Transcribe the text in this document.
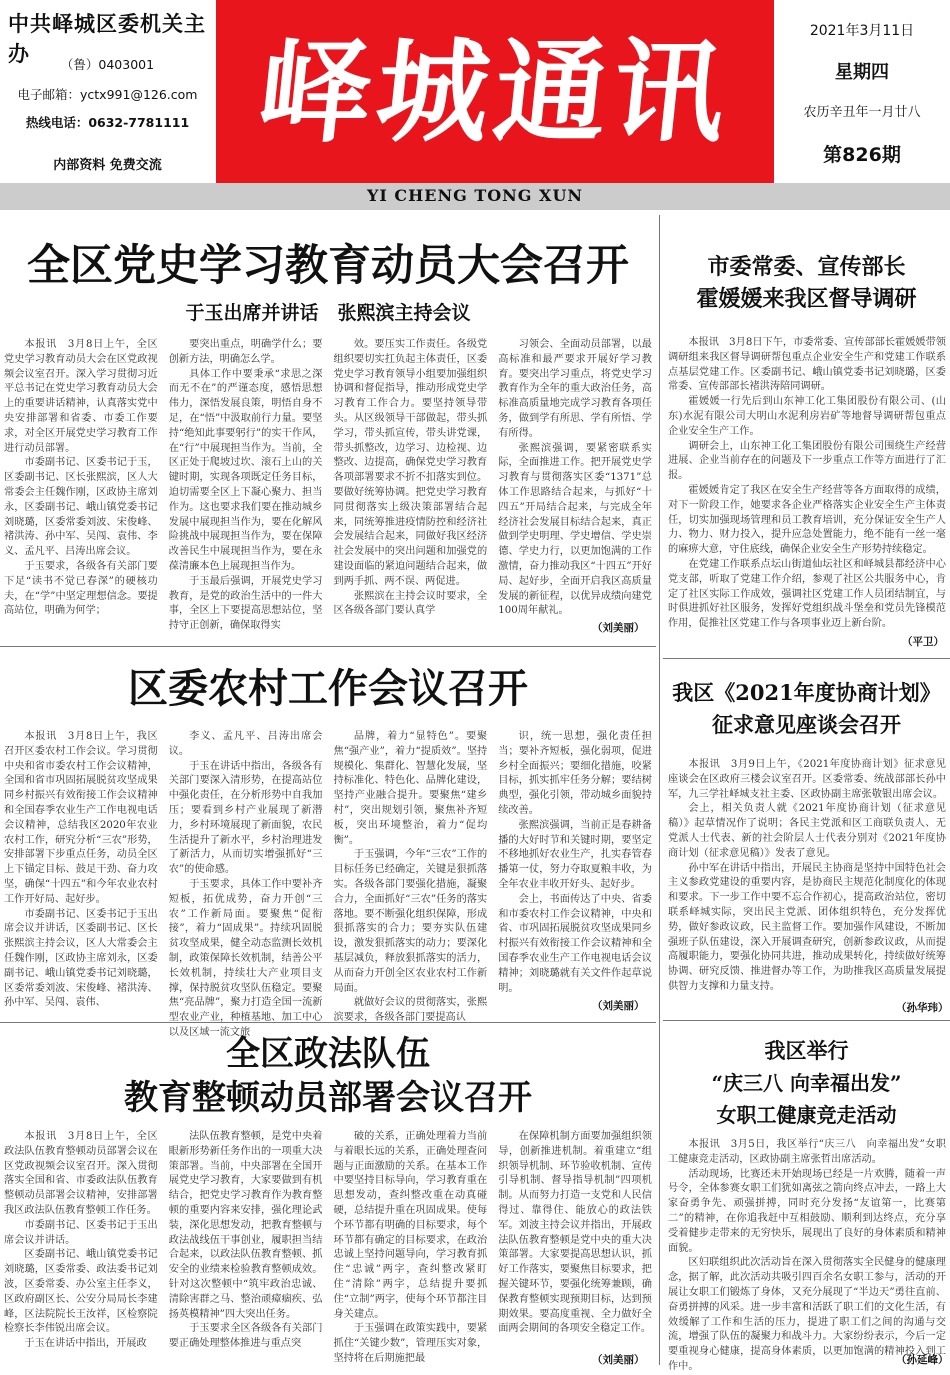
中共峄城区委机关主办	（鲁）0403001
电子邮箱：yctx991@126.com
热线电话：0632-7781111
内部资料 免费交流
峄城通讯	2021年3月11日
星期四
农历辛丑年一月廿八
第826期
YI CHENG TONG XUN
全区党史学习教育动员大会召开
于玉出席并讲话　张熙滨主持会议

本报讯　3月8日上午，全区党史学习教育动员大会在区党政视频会议室召开。深入学习贯彻习近平总书记在党史学习教育动员大会上的重要讲话精神，认真落实党中央安排部署和省委、市委工作要求，对全区开展党史学习教育工作进行动员部署。

市委副书记、区委书记于玉，区委副书记、区长张熙滨，区人大常委会主任魏作刚，区政协主席刘永，区委副书记、峨山镇党委书记刘晓璐，区委常委刘波、宋俊峰、褚洪涛、孙中军、吴闯、袁伟、李义、孟凡平、吕涛出席会议。

于玉要求，各级各有关部门要下足“读书不觉已春深”的硬核功夫，在“学”中坚定理想信念。要提高站位，明确为何学；

要突出重点，明确学什么；要创新方法，明确怎么学。

具体工作中要秉承“求思之深而无不在”的严谨态度，感悟思想伟力，深悟发展良策，明悟自身不足，在“悟”中汲取前行力量。要坚持“绝知此事要躬行”的实干作风，在“行”中展现担当作为。当前，全区正处于爬坡过坎、滚石上山的关键时期，实现各项既定任务目标，迫切需要全区上下凝心聚力、担当作为。这也要求我们要在推动城乡发展中展现担当作为，要在化解风险挑战中展现担当作为，要在保障改善民生中展现担当作为，要在永葆清廉本色上展现担当作为。

于玉最后强调，开展党史学习教育，是党的政治生活中的一件大事，全区上下要提高思想站位，坚持守正创新，确保取得实

效。要压实工作责任。各级党组织要切实扛负起主体责任，区委党史学习教育领导小组要加强组织协调和督促指导，推动形成党史学习教育工作合力。要坚持领导带头。从区级领导干部做起，带头抓学习，带头抓宣传，带头讲党课，带头抓整改，边学习、边检视、边整改、边提高，确保党史学习教育各项部署要求不折不扣落实到位。要做好统筹协调。把党史学习教育同贯彻落实上级决策部署结合起来，同统筹推进疫情防控和经济社会发展结合起来，同做好我区经济社会发展中的突出问题和加强党的建设面临的紧迫问题结合起来，做到两手抓、两不误、两促进。

张熙滨在主持会议时要求，全区各级各部门要认真学

习领会、全面动员部署，以最高标准和最严要求开展好学习教育。要突出学习重点，将党史学习教育作为全年的重大政治任务，高标准高质量地完成学习教育各项任务，做到学有所思、学有所悟、学有所得。

张熙滨强调，要紧密联系实际，全面推进工作。把开展党史学习教育与贯彻落实区委“1371”总体工作思路结合起来，与抓好“十四五”开局结合起来，与完成全年经济社会发展目标结合起来，真正做到学史明理、学史增信、学史崇德、学史力行，以更加饱满的工作激情，奋力推动我区“十四五”开好局、起好步，全面开启我区高质量发展的新征程，以优异成绩向建党100周年献礼。

（刘美丽）
区委农村工作会议召开

本报讯　3月8日上午，我区召开区委农村工作会议。学习贯彻中央和省市委农村工作会议精神，全国和省市巩固拓展脱贫攻坚成果同乡村振兴有效衔接工作会议精神和全国春季农业生产工作电视电话会议精神，总结我区2020年农业农村工作，研究分析“三农”形势，安排部署下步重点任务，动员全区上下锚定目标、鼓足干劲、奋力攻坚，确保“十四五”和今年农业农村工作开好局、起好步。

市委副书记、区委书记于玉出席会议并讲话，区委副书记、区长张熙滨主持会议，区人大常委会主任魏作刚，区政协主席刘永，区委副书记、峨山镇党委书记刘晓璐，区委常委刘波、宋俊峰、褚洪涛、孙中军、吴闯、袁伟、

李义、孟凡平、吕涛出席会议。

于玉在讲话中指出，各级各有关部门要深入清形势，在提高站位中强化责任，在分析形势中自我加压；要看到乡村产业展现了新潜力，乡村环境展现了新面貌，农民生活提升了新水平，乡村治理进发了新活力，从而切实增强抓好“三农”的使命感。

于玉要求，具体工作中要补齐短板，拓优成势，奋力开创“三农”工作新局面。要聚焦“促衔接”，着力“固成果”。持续巩固脱贫攻坚成果，健全动态监测长效机制，政策保障长效机制，结善公平长效机制，持续壮大产业项目支撑，保持脱贫攻坚队伍稳定。要聚焦“亮品牌”，聚力打造全国一流新型农业产业，种植基地、加工中心以及区域一流文旅

品牌，着力“显特色”。要聚焦“强产业”，着力“提质效”。坚持规模化、集群化、智慧化发展，坚持标准化、特色化、品牌化建设，坚持产业融合提升。要聚焦“建乡村”，突出规划引领，聚焦补齐短板，突出环境整治，着力“促均衡”。

于玉强调，今年“三农”工作的目标任务已经确定，关键是狠抓落实。各级各部门要强化措施，凝聚合力，全面抓好“三农”任务的落实落地。要不断强化组织保障，形成狠抓落实的合力；要夯实队伍建设，激发狠抓落实的动力；要深化基层减负，释放狠抓落实的活力，从而奋力开创全区农业农村工作新局面。

就做好会议的贯彻落实，张熙滨要求，各级各部门要提高认

识，统一思想，强化责任担当；要补齐短板，强化弱项，促进乡村全面振兴；要细化措施，咬紧目标，抓实抓牢任务分解；要结树典型，强化引领，带动城乡面貌持续改善。

张熙滨强调，当前正是春耕备播的大好时节和关键时期，要坚定不移地抓好农业生产，扎实春管春播第一仗，努力夺取夏粮丰收，为全年农业丰收开好头、起好步。

会上，书面传达了中央、省委和市委农村工作会议精神，中央和省、市巩固拓展脱贫攻坚成果同乡村振兴有效衔接工作会议精神和全国春季农业生产工作电视电话会议精神；刘晓璐就有关文件作起草说明。

（刘美丽）
全区政法队伍
教育整顿动员部署会议召开

本报讯　3月8日上午，全区政法队伍教育整顿动员部署会议在区党政视频会议室召开。深入贯彻落实全国和省、市委政法队伍教育整顿动员部署会议精神，安排部署我区政法队伍教育整顿工作任务。

市委副书记、区委书记于玉出席会议并讲话。

区委副书记、峨山镇党委书记刘晓璐，区委常委、政法委书记刘波，区委常委、办公室主任李义，区政府副区长、公安分局局长李建峰，区法院院长王汝祥，区检察院检察长李伟锐出席会议。

于玉在讲话中指出，开展政

法队伍教育整顿，是党中央着眼新形势新任务作出的一项重大决策部署。当前，中央部署在全国开展党史学习教育，大家要做到有机结合，把党史学习教育作为教育整顿的重要内容来安排，强化理论武装，深化思想发动，把教育整顿与政法战线伍干事创业，履职担当结合起来，以政法队伍教育整顿、抓安全的业绩来检验教育整顿成效。针对这次整顿中“筑牢政治忠诚、清除害群之马、整治顽瘴痼疾、弘扬英模精神”四大突出任务。

于玉要求全区各级各有关部门要正确处理整体推进与重点突

破的关系，正确处理着力当前与着眼长远的关系，正确处理查问题与正面激励的关系。在基本工作中要坚持目标导向，学习教育重在思想发动，查纠整改重在动真碰硬，总结提升重在巩固成果。使每个环节都有明确的目标要求，每个环节都有确定的目标要求，在政治忠诚上坚持问题导向，学习教育抓住“忠诚”两字，查纠整改紧盯住“清除”两字，总结提升要抓住“立制”两字，使每个环节都注目身关建点。

于玉强调在政策实践中，要紧抓住“关键少数”，管理压实对象，坚持将在后期施把最

在保障机制方面要加强组织领导，创新推进机制。着重建立“组织领导机制、环节验收机制、宣传引导机制、督导指导机制”四项机制。从而努力打造一支党和人民信得过、靠得住、能放心的政法铁军。刘波主持会议并指出，开展政法队伍教育整顿是党中央的重大决策部署。大家要提高思想认识，抓好工作落实，要聚焦目标要求，把握关键环节，要强化统筹兼顾，确保教育整顿实现预期目标，达到预期效果。要高度重视、全力做好全面两会期间的各项安全稳定工作。

（刘美丽）
市委常委、宣传部长
霍媛媛来我区督导调研

本报讯　3月8日下午，市委常委、宣传部部长霍媛媛带领调研组来我区督导调研帮包重点企业安全生产和党建工作联系点基层党建工作。区委副书记、峨山镇党委书记刘晓璐，区委常委、宣传部部长褚洪涛陪同调研。

霍媛媛一行先后到山东神工化工集团股份有限公司、(山东)水泥有限公司大明山水泥利房岩矿等地督导调研帮包重点企业安全生产工作。

调研会上，山东神工化工集团股份有限公司围绕生产经营进展、企业当前存在的问题及下一步重点工作等方面进行了汇报。

霍媛媛肯定了我区在安全生产经营等各方面取得的成绩，对下一阶段工作，她要求各企业严格落实企业安全生产主体责任，切实加强现场管理和员工教育培训，充分保证安全生产人力、物力、财力投入，提升应急处置能力，绝不能有一丝一毫的麻痹大意，守住底线，确保企业安全生产形势持续稳定。

在党建工作联系点坛山街道仙坛社区和峄城县都经济中心党支部，听取了党建工作介绍，参观了社区公共服务中心，肯定了社区实际工作成效，强调社区党建工作人员团结制宜，与时俱进抓好社区服务，发挥好党组织战斗堡垒和党员先锋模范作用，促推社区党建工作与各项事业迈上新台阶。

（平卫）
我区《2021年度协商计划》
征求意见座谈会召开

本报讯　3月9日上午，《2021年度协商计划》征求意见座谈会在区政府三楼会议室召开。区委常委、统战部部长孙中军，九三学社峄城支社主委、区政协副主席张敬银出席会议。

会上，相关负责人就《2021年度协商计划（征求意见稿）》起草情况作了说明；各民主党派和区工商联负责人、无党派人士代表、新的社会阶层人士代表分别对《2021年度协商计划（征求意见稿）》发表了意见。

孙中军在讲话中指出，开展民主协商是坚持中国特色社会主义参政党建设的重要内容，是协商民主规范化制度化的体现和要求。下一步工作中要不忘合作初心，提高政治站位，密切联系峄城实际，突出民主党派、团体组织特色，充分发挥优势，做好参政议政，民主监督工作。要加强作风建设，不断加强班子队伍建设，深入开展调查研究，创新参政议政，从而提高履职能力，要强化协同共进，推动成果转化，持续做好统筹协调、研究反馈、推进督办等工作，为助推我区高质量发展提供智力支撑和力量支持。

（孙华玮）
我区举行
“庆三八 向幸福出发”
女职工健康竞走活动

本报讯　3月5日，我区举行“庆三八　向幸福出发”女职工健康竞走活动，区政协副主席张哲出席活动。

活动现场，比赛还未开始现场已经是一片欢腾，随着一声号令，全体参赛女职工们犹如离弦之箭向终点冲去，一路上大家奋勇争先、顽强拼搏，同时充分发扬“友谊第一，比赛第二”的精神，在你追我赶中互相鼓励、顺利到达终点，充分享受着健步走带来的无穷快乐，展现出了良好的身体素质和精神面貌。

区妇联组织此次活动旨在深入贯彻落实全民健身的健康理念，据了解，此次活动共吸引四百余名女职工参与，活动的开展让女职工们锻炼了身体，又充分展现了“半边天”勇往直前、奋勇拼搏的风采。进一步丰富和活跃了职工们的文化生活，有效缓解了工作和生活的压力，提进了职工们之间的沟通与交流，增强了队伍的凝聚力和战斗力。大家纷纷表示，今后一定要重视身心健康，提高身体素质，以更加饱满的精神投入到工作中。

（孙延峰）
